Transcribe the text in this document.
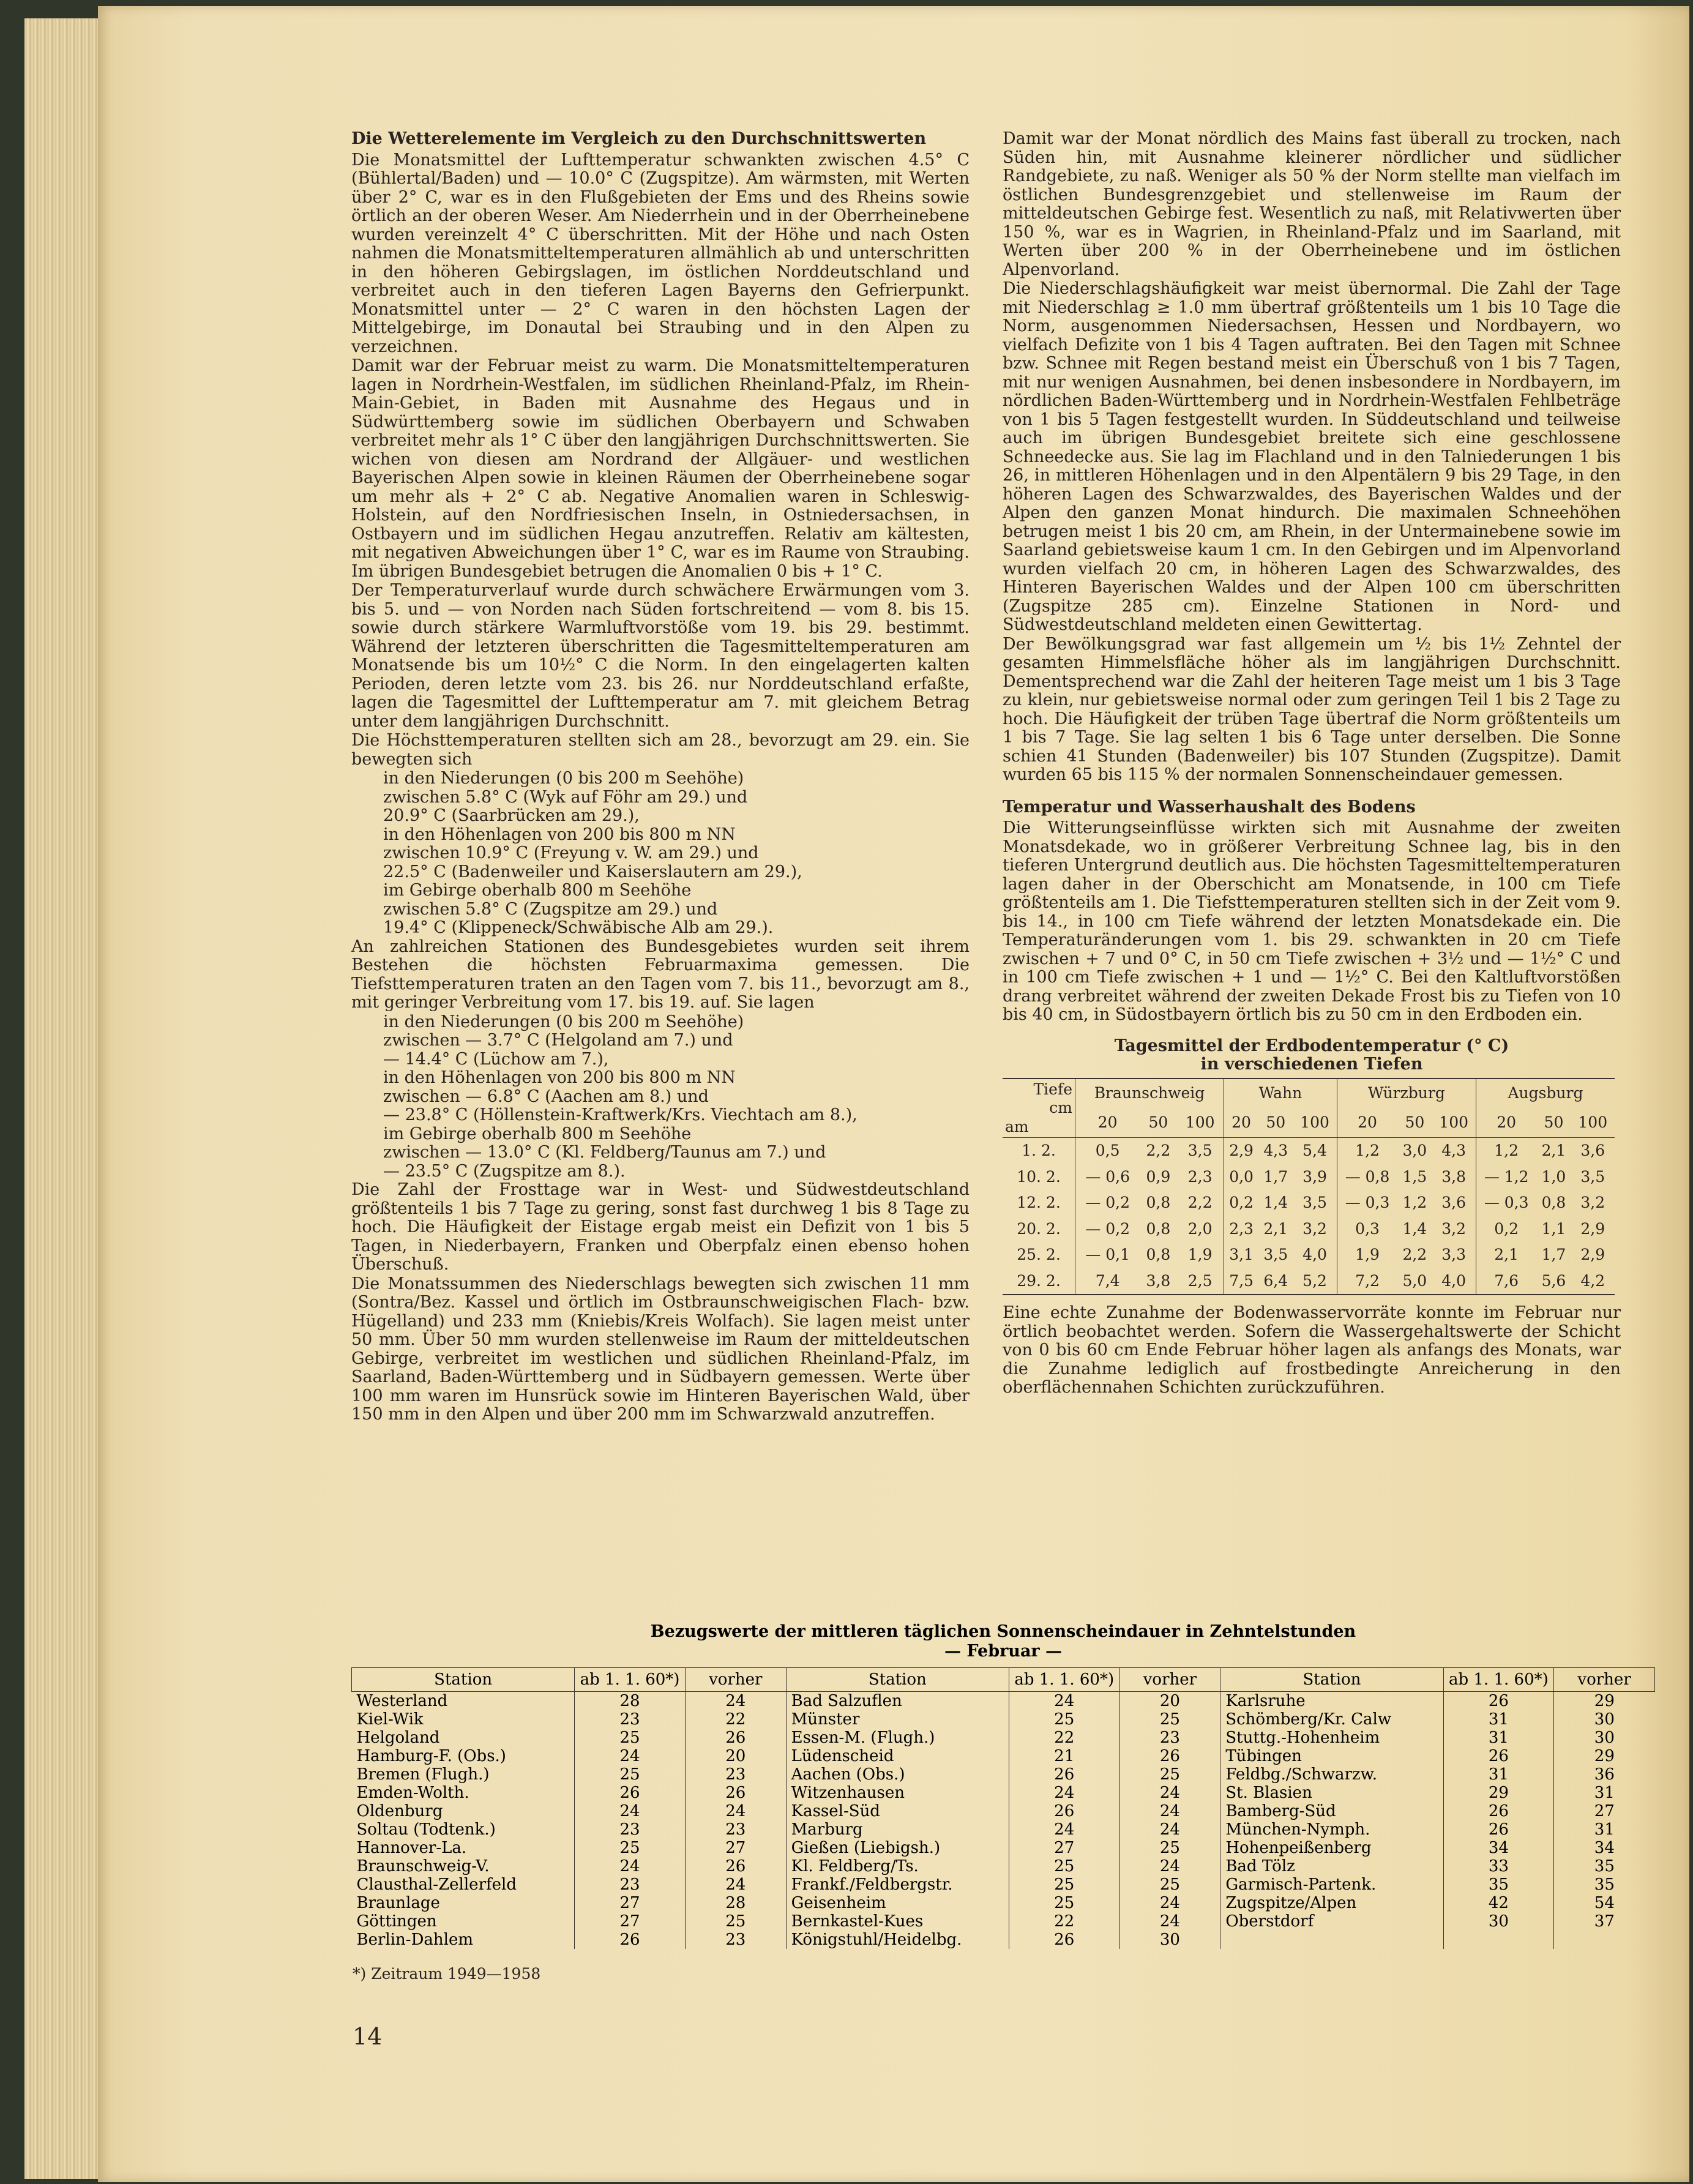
Die Wetterelemente im Vergleich zu den Durchschnittswerten

Die Monatsmittel der Lufttemperatur schwankten zwischen 4.5° C (Bühlertal/Baden) und — 10.0° C (Zugspitze). Am wärmsten, mit Werten über 2° C, war es in den Flußgebieten der Ems und des Rheins sowie örtlich an der oberen Weser. Am Niederrhein und in der Oberrheinebene wurden vereinzelt 4° C überschritten. Mit der Höhe und nach Osten nahmen die Monatsmitteltemperaturen allmählich ab und unterschritten in den höheren Gebirgslagen, im östlichen Norddeutschland und verbreitet auch in den tieferen Lagen Bayerns den Gefrierpunkt. Monatsmittel unter — 2° C waren in den höchsten Lagen der Mittelgebirge, im Donautal bei Straubing und in den Alpen zu verzeichnen.

Damit war der Februar meist zu warm. Die Monatsmitteltemperaturen lagen in Nordrhein-Westfalen, im südlichen Rheinland-Pfalz, im Rhein-Main-Gebiet, in Baden mit Ausnahme des Hegaus und in Südwürttemberg sowie im südlichen Oberbayern und Schwaben verbreitet mehr als 1° C über den langjährigen Durchschnittswerten. Sie wichen von diesen am Nordrand der Allgäuer- und westlichen Bayerischen Alpen sowie in kleinen Räumen der Oberrheinebene sogar um mehr als + 2° C ab. Negative Anomalien waren in Schleswig-Holstein, auf den Nordfriesischen Inseln, in Ostniedersachsen, in Ostbayern und im südlichen Hegau anzutreffen. Relativ am kältesten, mit negativen Abweichungen über 1° C, war es im Raume von Straubing. Im übrigen Bundesgebiet betrugen die Anomalien 0 bis + 1° C.

Der Temperaturverlauf wurde durch schwächere Erwärmungen vom 3. bis 5. und — von Norden nach Süden fortschreitend — vom 8. bis 15. sowie durch stärkere Warmluftvorstöße vom 19. bis 29. bestimmt. Während der letzteren überschritten die Tagesmitteltemperaturen am Monatsende bis um 10½° C die Norm. In den eingelagerten kalten Perioden, deren letzte vom 23. bis 26. nur Norddeutschland erfaßte, lagen die Tagesmittel der Lufttemperatur am 7. mit gleichem Betrag unter dem langjährigen Durchschnitt.

Die Höchsttemperaturen stellten sich am 28., bevorzugt am 29. ein. Sie bewegten sich

in den Niederungen (0 bis 200 m Seehöhe)
zwischen 5.8° C (Wyk auf Föhr am 29.) und
20.9° C (Saarbrücken am 29.),
in den Höhenlagen von 200 bis 800 m NN
zwischen 10.9° C (Freyung v. W. am 29.) und
22.5° C (Badenweiler und Kaiserslautern am 29.),
im Gebirge oberhalb 800 m Seehöhe
zwischen 5.8° C (Zugspitze am 29.) und
19.4° C (Klippeneck/Schwäbische Alb am 29.).

An zahlreichen Stationen des Bundesgebietes wurden seit ihrem Bestehen die höchsten Februarmaxima gemessen. Die Tiefsttemperaturen traten an den Tagen vom 7. bis 11., bevorzugt am 8., mit geringer Verbreitung vom 17. bis 19. auf. Sie lagen

in den Niederungen (0 bis 200 m Seehöhe)
zwischen — 3.7° C (Helgoland am 7.) und
— 14.4° C (Lüchow am 7.),
in den Höhenlagen von 200 bis 800 m NN
zwischen — 6.8° C (Aachen am 8.) und
— 23.8° C (Höllenstein-Kraftwerk/Krs. Viechtach am 8.),
im Gebirge oberhalb 800 m Seehöhe
zwischen — 13.0° C (Kl. Feldberg/Taunus am 7.) und
— 23.5° C (Zugspitze am 8.).

Die Zahl der Frosttage war in West- und Südwestdeutschland größtenteils 1 bis 7 Tage zu gering, sonst fast durchweg 1 bis 8 Tage zu hoch. Die Häufigkeit der Eistage ergab meist ein Defizit von 1 bis 5 Tagen, in Niederbayern, Franken und Oberpfalz einen ebenso hohen Überschuß.

Die Monatssummen des Niederschlags bewegten sich zwischen 11 mm (Sontra/Bez. Kassel und örtlich im Ostbraunschweigischen Flach- bzw. Hügelland) und 233 mm (Kniebis/Kreis Wolfach). Sie lagen meist unter 50 mm. Über 50 mm wurden stellenweise im Raum der mitteldeutschen Gebirge, verbreitet im westlichen und südlichen Rheinland-Pfalz, im Saarland, Baden-Württemberg und in Südbayern gemessen. Werte über 100 mm waren im Hunsrück sowie im Hinteren Bayerischen Wald, über 150 mm in den Alpen und über 200 mm im Schwarzwald anzutreffen.

Damit war der Monat nördlich des Mains fast überall zu trocken, nach Süden hin, mit Ausnahme kleinerer nördlicher und südlicher Randgebiete, zu naß. Weniger als 50 % der Norm stellte man vielfach im östlichen Bundesgrenzgebiet und stellenweise im Raum der mitteldeutschen Gebirge fest. Wesentlich zu naß, mit Relativwerten über 150 %, war es in Wagrien, in Rheinland-Pfalz und im Saarland, mit Werten über 200 % in der Oberrheinebene und im östlichen Alpenvorland.

Die Niederschlagshäufigkeit war meist übernormal. Die Zahl der Tage mit Niederschlag ≥ 1.0 mm übertraf größtenteils um 1 bis 10 Tage die Norm, ausgenommen Niedersachsen, Hessen und Nordbayern, wo vielfach Defizite von 1 bis 4 Tagen auftraten. Bei den Tagen mit Schnee bzw. Schnee mit Regen bestand meist ein Überschuß von 1 bis 7 Tagen, mit nur wenigen Ausnahmen, bei denen insbesondere in Nordbayern, im nördlichen Baden-Württemberg und in Nordrhein-Westfalen Fehlbeträge von 1 bis 5 Tagen festgestellt wurden. In Süddeutschland und teilweise auch im übrigen Bundesgebiet breitete sich eine geschlossene Schneedecke aus. Sie lag im Flachland und in den Talniederungen 1 bis 26, in mittleren Höhenlagen und in den Alpentälern 9 bis 29 Tage, in den höheren Lagen des Schwarzwaldes, des Bayerischen Waldes und der Alpen den ganzen Monat hindurch. Die maximalen Schneehöhen betrugen meist 1 bis 20 cm, am Rhein, in der Untermainebene sowie im Saarland gebietsweise kaum 1 cm. In den Gebirgen und im Alpenvorland wurden vielfach 20 cm, in höheren Lagen des Schwarzwaldes, des Hinteren Bayerischen Waldes und der Alpen 100 cm überschritten (Zugspitze 285 cm). Einzelne Stationen in Nord- und Südwestdeutschland meldeten einen Gewittertag.

Der Bewölkungsgrad war fast allgemein um ½ bis 1½ Zehntel der gesamten Himmelsfläche höher als im langjährigen Durchschnitt. Dementsprechend war die Zahl der heiteren Tage meist um 1 bis 3 Tage zu klein, nur gebietsweise normal oder zum geringen Teil 1 bis 2 Tage zu hoch. Die Häufigkeit der trüben Tage übertraf die Norm größtenteils um 1 bis 7 Tage. Sie lag selten 1 bis 6 Tage unter derselben. Die Sonne schien 41 Stunden (Badenweiler) bis 107 Stunden (Zugspitze). Damit wurden 65 bis 115 % der normalen Sonnenscheindauer gemessen.

Temperatur und Wasserhaushalt des Bodens

Die Witterungseinflüsse wirkten sich mit Ausnahme der zweiten Monatsdekade, wo in größerer Verbreitung Schnee lag, bis in den tieferen Untergrund deutlich aus. Die höchsten Tagesmitteltemperaturen lagen daher in der Oberschicht am Monatsende, in 100 cm Tiefe größtenteils am 1. Die Tiefsttemperaturen stellten sich in der Zeit vom 9. bis 14., in 100 cm Tiefe während der letzten Monatsdekade ein. Die Temperaturänderungen vom 1. bis 29. schwankten in 20 cm Tiefe zwischen + 7 und 0° C, in 50 cm Tiefe zwischen + 3½ und — 1½° C und in 100 cm Tiefe zwischen + 1 und — 1½° C. Bei den Kaltluftvorstößen drang verbreitet während der zweiten Dekade Frost bis zu Tiefen von 10 bis 40 cm, in Südostbayern örtlich bis zu 50 cm in den Erdboden ein.

Tagesmittel der Erdbodentemperatur (° C)
in verschiedenen Tiefen
Tiefe
cm
am	Braunschweig			Wahn			Würzburg			Augsburg		
	20	50	100	20	50	100	20	50	100	20	50	100
1. 2.	0,5	2,2	3,5	2,9	4,3	5,4	1,2	3,0	4,3	1,2	2,1	3,6
10. 2.	— 0,6	0,9	2,3	0,0	1,7	3,9	— 0,8	1,5	3,8	— 1,2	1,0	3,5
12. 2.	— 0,2	0,8	2,2	0,2	1,4	3,5	— 0,3	1,2	3,6	— 0,3	0,8	3,2
20. 2.	— 0,2	0,8	2,0	2,3	2,1	3,2	0,3	1,4	3,2	0,2	1,1	2,9
25. 2.	— 0,1	0,8	1,9	3,1	3,5	4,0	1,9	2,2	3,3	2,1	1,7	2,9
29. 2.	7,4	3,8	2,5	7,5	6,4	5,2	7,2	5,0	4,0	7,6	5,6	4,2

Eine echte Zunahme der Bodenwasservorräte konnte im Februar nur örtlich beobachtet werden. Sofern die Wassergehaltswerte der Schicht von 0 bis 60 cm Ende Februar höher lagen als anfangs des Monats, war die Zunahme lediglich auf frostbedingte Anreicherung in den oberflächennahen Schichten zurückzuführen.

Bezugswerte der mittleren täglichen Sonnenscheindauer in Zehntelstunden
— Februar —
Station	ab 1. 1. 60*)	vorher	Station	ab 1. 1. 60*)	vorher	Station	ab 1. 1. 60*)	vorher
Westerland	28	24	Bad Salzuflen	24	20	Karlsruhe	26	29
Kiel-Wik	23	22	Münster	25	25	Schömberg/Kr. Calw	31	30
Helgoland	25	26	Essen-M. (Flugh.)	22	23	Stuttg.-Hohenheim	31	30
Hamburg-F. (Obs.)	24	20	Lüdenscheid	21	26	Tübingen	26	29
Bremen (Flugh.)	25	23	Aachen (Obs.)	26	25	Feldbg./Schwarzw.	31	36
Emden-Wolth.	26	26	Witzenhausen	24	24	St. Blasien	29	31
Oldenburg	24	24	Kassel-Süd	26	24	Bamberg-Süd	26	27
Soltau (Todtenk.)	23	23	Marburg	24	24	München-Nymph.	26	31
Hannover-La.	25	27	Gießen (Liebigsh.)	27	25	Hohenpeißenberg	34	34
Braunschweig-V.	24	26	Kl. Feldberg/Ts.	25	24	Bad Tölz	33	35
Clausthal-Zellerfeld	23	24	Frankf./Feldbergstr.	25	25	Garmisch-Partenk.	35	35
Braunlage	27	28	Geisenheim	25	24	Zugspitze/Alpen	42	54
Göttingen	27	25	Bernkastel-Kues	22	24	Oberstdorf	30	37
Berlin-Dahlem	26	23	Königstuhl/Heidelbg.	26	30			
*) Zeitraum 1949—1958
14
